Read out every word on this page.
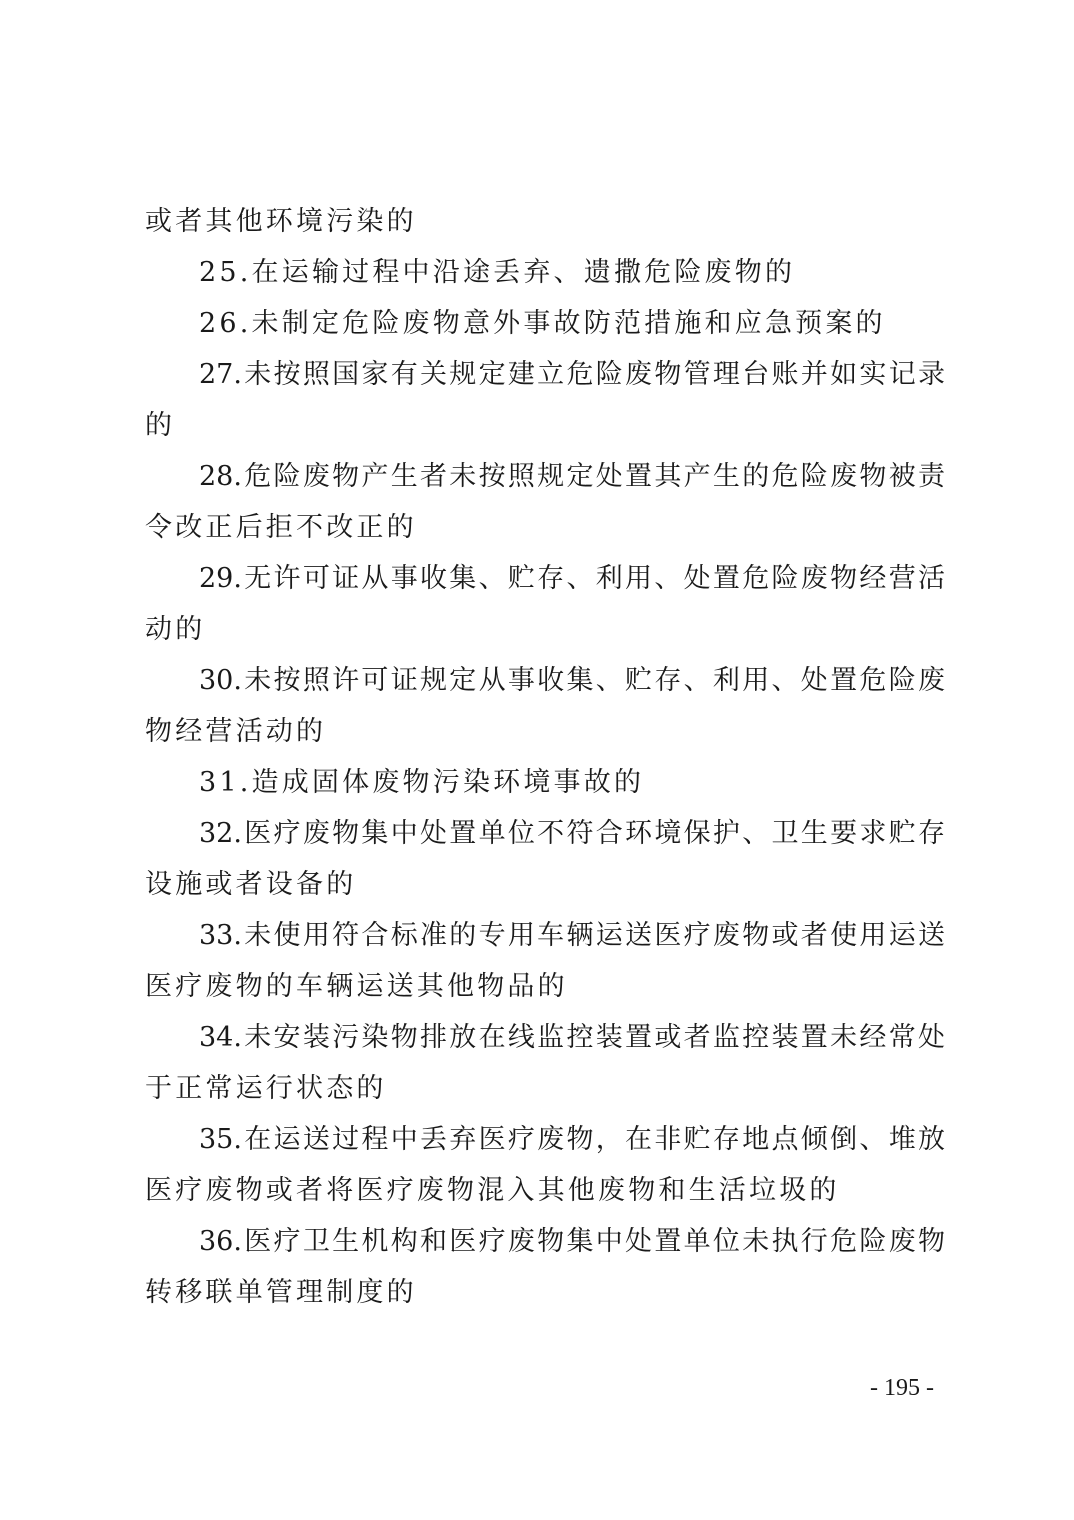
或者其他环境污染的
25.在运输过程中沿途丢弃、遗撒危险废物的
26.未制定危险废物意外事故防范措施和应急预案的
27.未按照国家有关规定建立危险废物管理台账并如实记录
的
28.危险废物产生者未按照规定处置其产生的危险废物被责
令改正后拒不改正的
29.无许可证从事收集、贮存、利用、处置危险废物经营活
动的
30.未按照许可证规定从事收集、贮存、利用、处置危险废
物经营活动的
31.造成固体废物污染环境事故的
32.医疗废物集中处置单位不符合环境保护、卫生要求贮存
设施或者设备的
33.未使用符合标准的专用车辆运送医疗废物或者使用运送
医疗废物的车辆运送其他物品的
34.未安装污染物排放在线监控装置或者监控装置未经常处
于正常运行状态的
35.在运送过程中丢弃医疗废物，在非贮存地点倾倒、堆放
医疗废物或者将医疗废物混入其他废物和生活垃圾的
36.医疗卫生机构和医疗废物集中处置单位未执行危险废物
转移联单管理制度的
- 195 -
